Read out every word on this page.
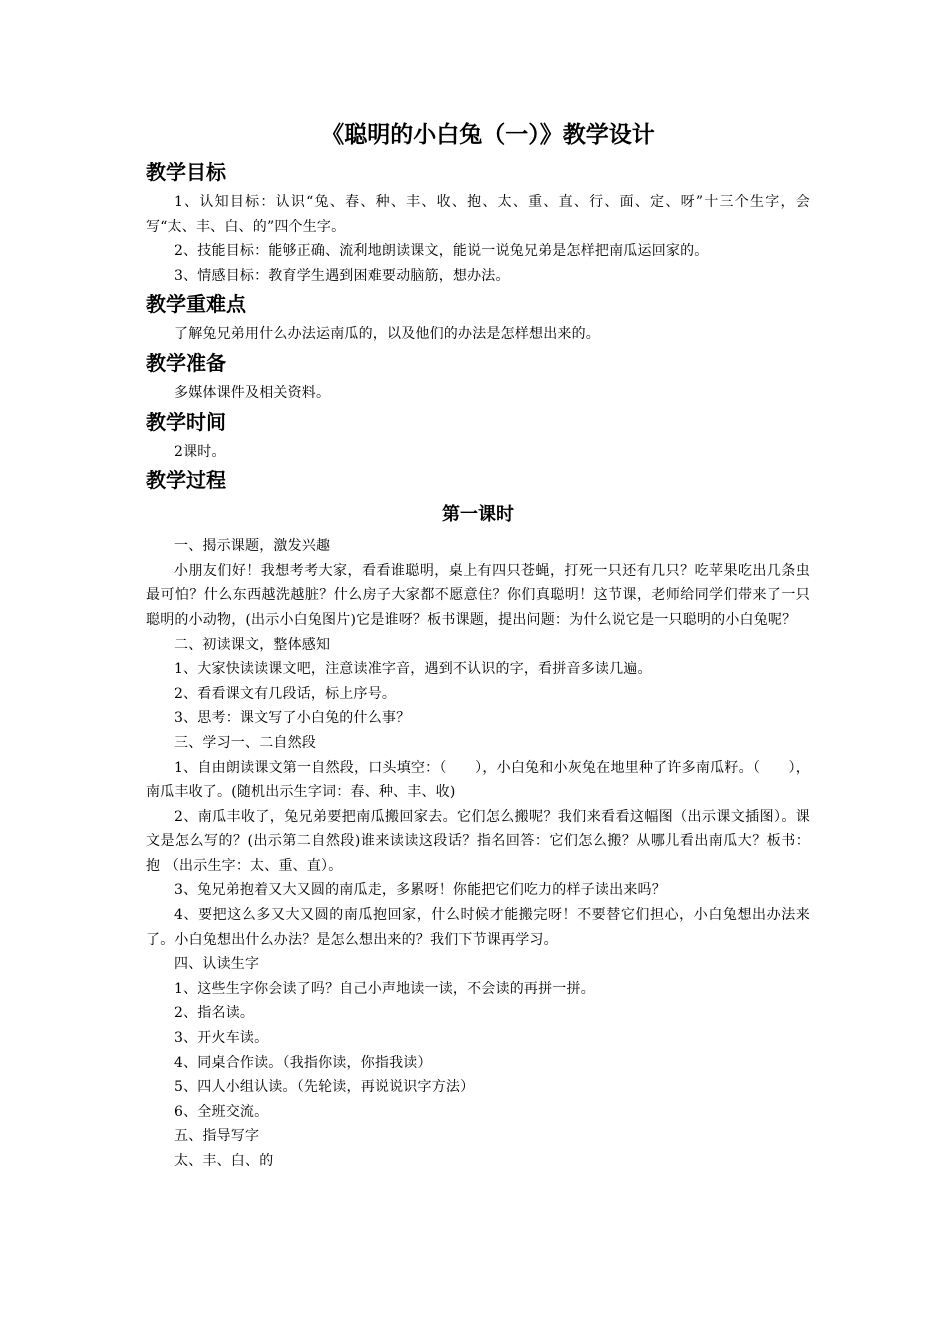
《聪明的小白兔（一）》教学设计
教学目标

1、认知目标：认识“兔、春、种、丰、收、抱、太、重、直、行、面、定、呀”十三个生字，会写“太、丰、白、的”四个生字。

2、技能目标：能够正确、流利地朗读课文，能说一说兔兄弟是怎样把南瓜运回家的。

3、情感目标：教育学生遇到困难要动脑筋，想办法。

教学重难点

了解兔兄弟用什么办法运南瓜的，以及他们的办法是怎样想出来的。

教学准备

多媒体课件及相关资料。

教学时间

2课时。

教学过程
第一课时

一、揭示课题，激发兴趣

小朋友们好！我想考考大家，看看谁聪明，桌上有四只苍蝇，打死一只还有几只？吃苹果吃出几条虫最可怕？什么东西越洗越脏？什么房子大家都不愿意住？你们真聪明！这节课，老师给同学们带来了一只聪明的小动物，(出示小白兔图片)它是谁呀？板书课题，提出问题：为什么说它是一只聪明的小白兔呢？

二、初读课文，整体感知

1、大家快读读课文吧，注意读准字音，遇到不认识的字，看拼音多读几遍。

2、看看课文有几段话，标上序号。

3、思考：课文写了小白兔的什么事？

三、学习一、二自然段

1、自由朗读课文第一自然段，口头填空：（　　），小白兔和小灰兔在地里种了许多南瓜籽。（　　），南瓜丰收了。(随机出示生字词：春、种、丰、收)

2、南瓜丰收了，兔兄弟要把南瓜搬回家去。它们怎么搬呢？我们来看看这幅图（出示课文插图）。课文是怎么写的？(出示第二自然段)谁来读读这段话？指名回答：它们怎么搬？从哪儿看出南瓜大？板书：抱 （出示生字：太、重、直）。

3、兔兄弟抱着又大又圆的南瓜走，多累呀！你能把它们吃力的样子读出来吗？

4、要把这么多又大又圆的南瓜抱回家，什么时候才能搬完呀！不要替它们担心，小白兔想出办法来了。小白兔想出什么办法？是怎么想出来的？我们下节课再学习。

四、认读生字

1、这些生字你会读了吗？自己小声地读一读，不会读的再拼一拼。

2、指名读。

3、开火车读。

4、同桌合作读。（我指你读，你指我读）

5、四人小组认读。（先轮读，再说说识字方法）

6、全班交流。

五、指导写字

太、丰、白、的
